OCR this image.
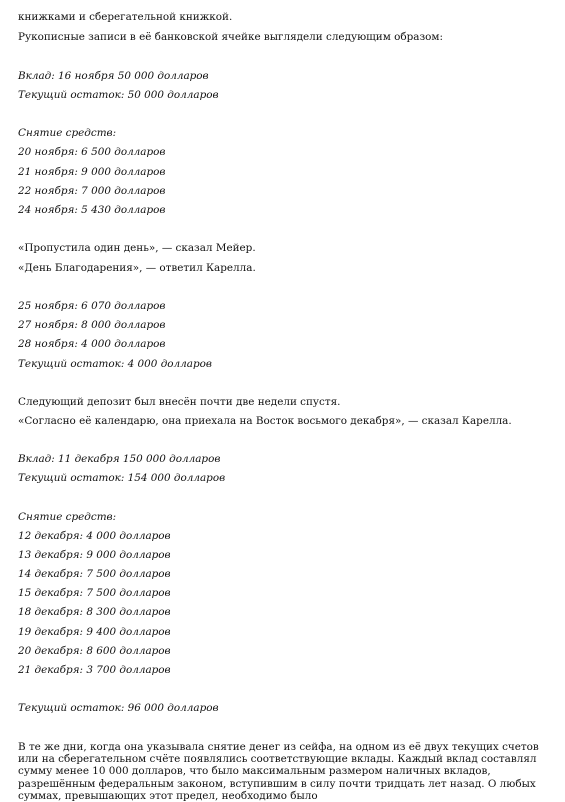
книжками и сберегательной книжкой.

Рукописные записи в её банковской ячейке выглядели следующим образом:

Вклад: 16 ноября 50 000 долларов

Текущий остаток: 50 000 долларов

Снятие средств:

20 ноября: 6 500 долларов

21 ноября: 9 000 долларов

22 ноября: 7 000 долларов

24 ноября: 5 430 долларов

«Пропустила один день», — сказал Мейер.

«День Благодарения», — ответил Карелла.

25 ноября: 6 070 долларов

27 ноября: 8 000 долларов

28 ноября: 4 000 долларов

Текущий остаток: 4 000 долларов

Следующий депозит был внесён почти две недели спустя.

«Согласно её календарю, она приехала на Восток восьмого декабря», — сказал Карелла.

Вклад: 11 декабря 150 000 долларов

Текущий остаток: 154 000 долларов

Снятие средств:

12 декабря: 4 000 долларов

13 декабря: 9 000 долларов

14 декабря: 7 500 долларов

15 декабря: 7 500 долларов

18 декабря: 8 300 долларов

19 декабря: 9 400 долларов

20 декабря: 8 600 долларов

21 декабря: 3 700 долларов

Текущий остаток: 96 000 долларов

В те же дни, когда она указывала снятие денег из сейфа, на одном из её двух текущих счетов или на сберегательном счёте появлялись соответствующие вклады. Каждый вклад составлял сумму менее 10 000 долларов, что было максимальным размером наличных вкладов, разрешённым федеральным законом, вступившим в силу почти тридцать лет назад. О любых суммах, превышающих этот предел, необходимо было
